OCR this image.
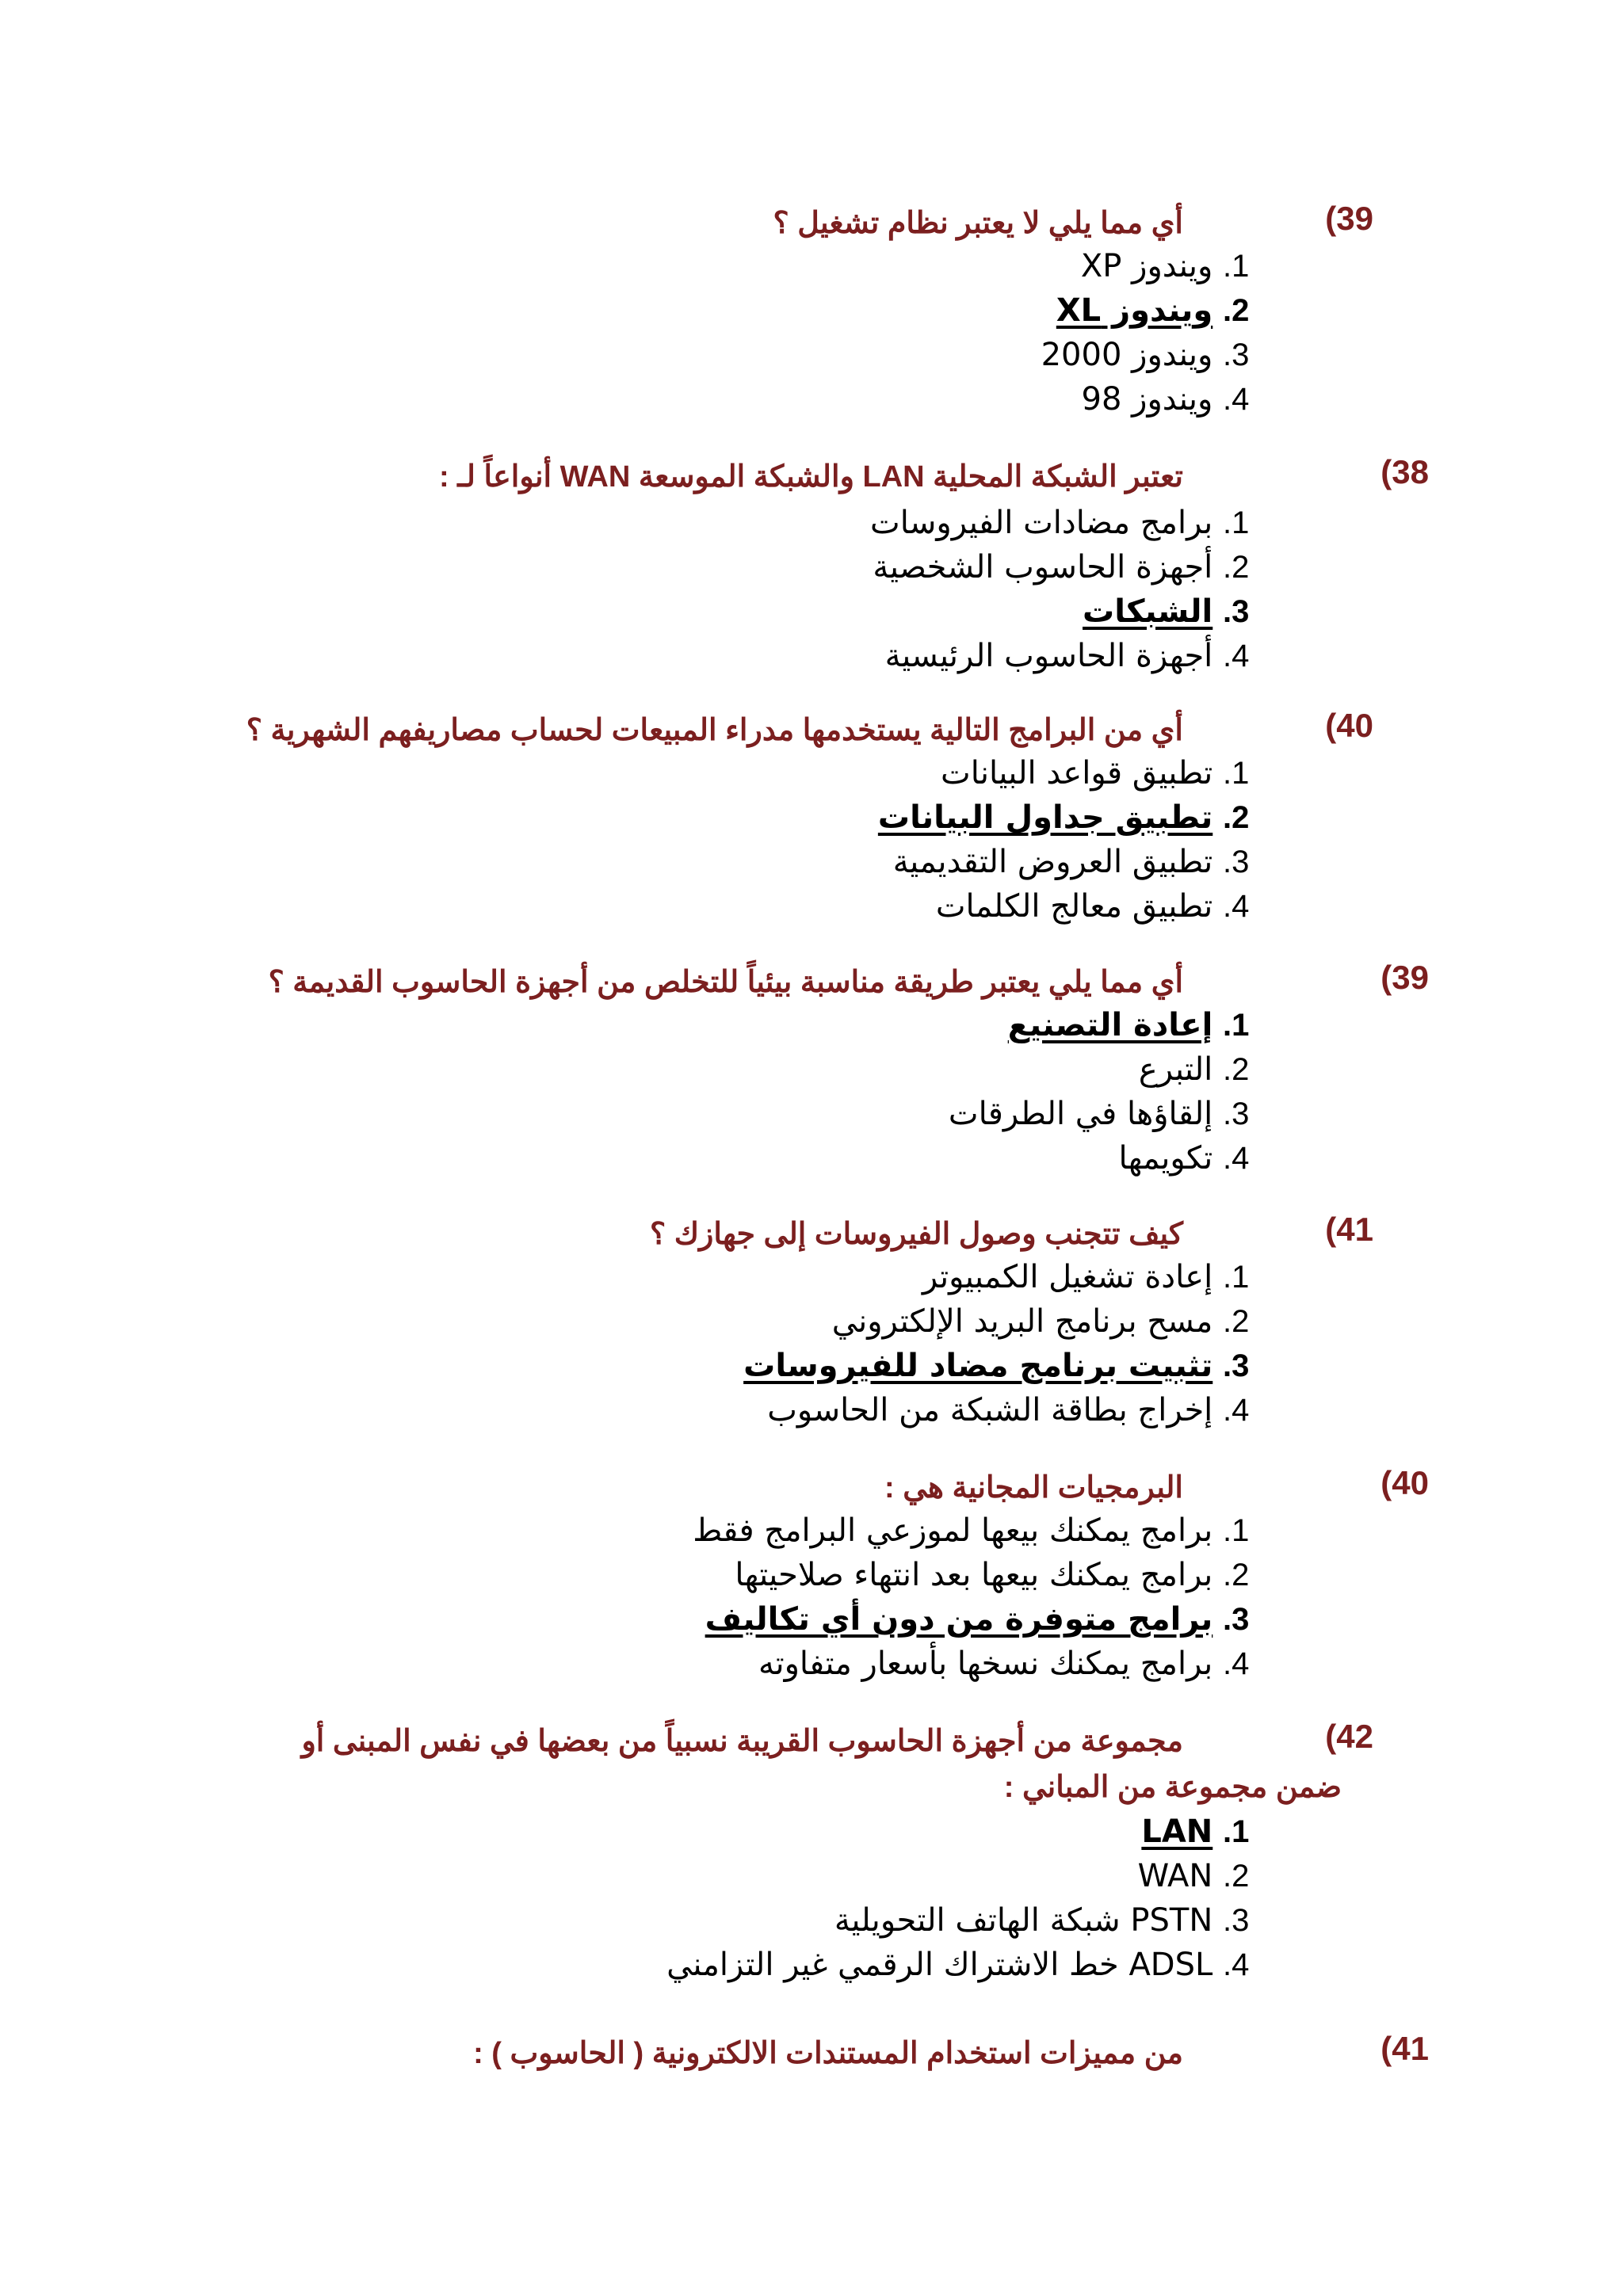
(39
أي مما يلي لا يعتبر نظام تشغيل ؟
1. ويندوز XP
2. ويندوز XL
3. ويندوز 2000
4. ويندوز 98
(38
تعتبر الشبكة المحلية LAN والشبكة الموسعة WAN أنواعاً لـ :
1. برامج مضادات الفيروسات
2. أجهزة الحاسوب الشخصية
3. الشبكات
4. أجهزة الحاسوب الرئيسية
(40
أي من البرامج التالية يستخدمها مدراء المبيعات لحساب مصاريفهم الشهرية ؟
1. تطبيق قواعد البيانات
2. تطبيق جداول البيانات
3. تطبيق العروض التقديمية
4. تطبيق معالج الكلمات
(39
أي مما يلي يعتبر طريقة مناسبة بيئياً للتخلص من أجهزة الحاسوب القديمة ؟
1. إعادة التصنيع
2. التبرع
3. إلقاؤها في الطرقات
4. تكويمها
(41
كيف تتجنب وصول الفيروسات إلى جهازك ؟
1. إعادة تشغيل الكمبيوتر
2. مسح برنامج البريد الإلكتروني
3. تثبيت برنامج مضاد للفيروسات
4. إخراج بطاقة الشبكة من الحاسوب
(40
البرمجيات المجانية هي :
1. برامج يمكنك بيعها لموزعي البرامج فقط
2. برامج يمكنك بيعها بعد انتهاء صلاحيتها
3. برامج متوفرة من دون أي تكاليف
4. برامج يمكنك نسخها بأسعار متفاوته
(42
مجموعة من أجهزة الحاسوب القريبة نسبياً من بعضها في نفس المبنى أو
ضمن مجموعة من المباني :
1. LAN
2. WAN
3. PSTN شبكة الهاتف التحويلية
4. ADSL خط الاشتراك الرقمي غير التزامني
(41
من مميزات استخدام المستندات الالكترونية ( الحاسوب ) :
